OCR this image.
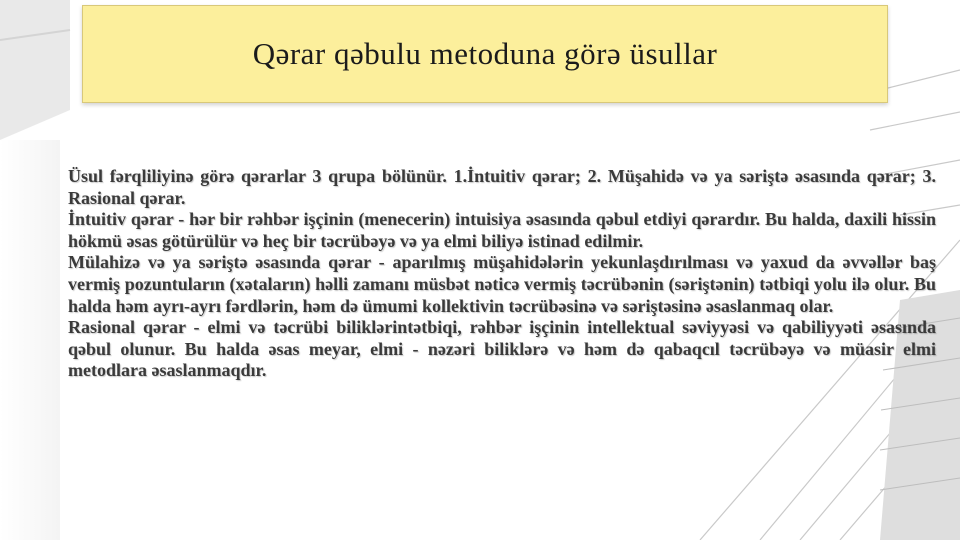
Qərar qəbulu metoduna görə üsullar

Üsul fərqliliyinə görə qərarlar 3 qrupa bölünür. 1.İntuitiv qərar; 2. Müşahidə və ya səriştə əsasında qərar; 3. Rasional qərar.

İntuitiv qərar - hər bir rəhbər işçinin (menecerin) intuisiya əsasında qəbul etdiyi qərardır. Bu halda, daxili hissin hökmü əsas götürülür və heç bir təcrübəyə və ya elmi biliyə istinad edilmir.

Mülahizə və ya səriştə əsasında qərar - aparılmış müşahidələrin yekunlaşdırılması və yaxud da əvvəllər baş vermiş pozuntuların (xətaların) həlli zamanı müsbət nəticə vermiş təcrübənin (səriştənin) tətbiqi yolu ilə olur. Bu halda həm ayrı-ayrı fərdlərin, həm də ümumi kollektivin təcrübəsinə və səriştəsinə əsaslanmaq olar.

Rasional qərar - elmi və təcrübi biliklərintətbiqi, rəhbər işçinin intellektual səviyyəsi və qabiliyyəti əsasında qəbul olunur. Bu halda əsas meyar, elmi - nəzəri biliklərə və həm də qabaqcıl təcrübəyə və müasir elmi metodlara əsaslanmaqdır.
